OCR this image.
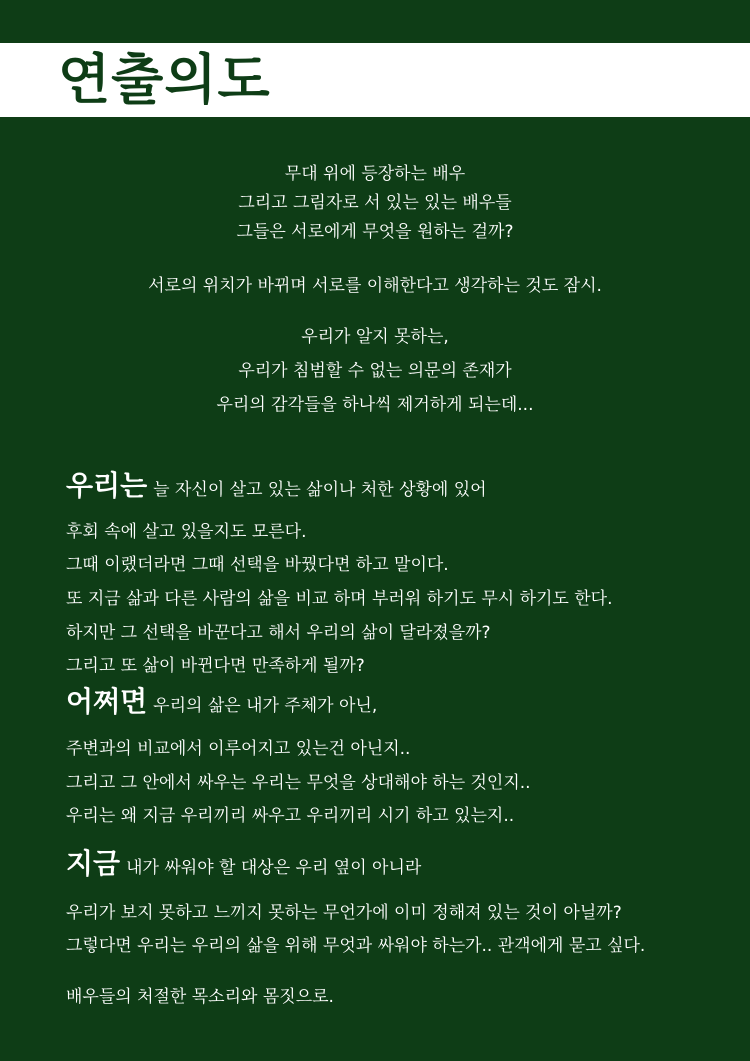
연출의도
무대 위에 등장하는 배우
그리고 그림자로 서 있는 있는 배우들
그들은 서로에게 무엇을 원하는 걸까?
서로의 위치가 바뀌며 서로를 이해한다고 생각하는 것도 잠시.
우리가 알지 못하는,
우리가 침범할 수 없는 의문의 존재가
우리의 감각들을 하나씩 제거하게 되는데...
우리는 늘 자신이 살고 있는 삶이나 처한 상황에 있어
후회 속에 살고 있을지도 모른다.
그때 이랬더라면 그때 선택을 바꿨다면 하고 말이다.
또 지금 삶과 다른 사람의 삶을 비교 하며 부러워 하기도 무시 하기도 한다.
하지만 그 선택을 바꾼다고 해서 우리의 삶이 달라졌을까?
그리고 또 삶이 바뀐다면 만족하게 될까?
어쩌면 우리의 삶은 내가 주체가 아닌,
주변과의 비교에서 이루어지고 있는건 아닌지..
그리고 그 안에서 싸우는 우리는 무엇을 상대해야 하는 것인지..
우리는 왜 지금 우리끼리 싸우고 우리끼리 시기 하고 있는지..
지금 내가 싸워야 할 대상은 우리 옆이 아니라
우리가 보지 못하고 느끼지 못하는 무언가에 이미 정해져 있는 것이 아닐까?
그렇다면 우리는 우리의 삶을 위해 무엇과 싸워야 하는가.. 관객에게 묻고 싶다.
배우들의 처절한 목소리와 몸짓으로.
